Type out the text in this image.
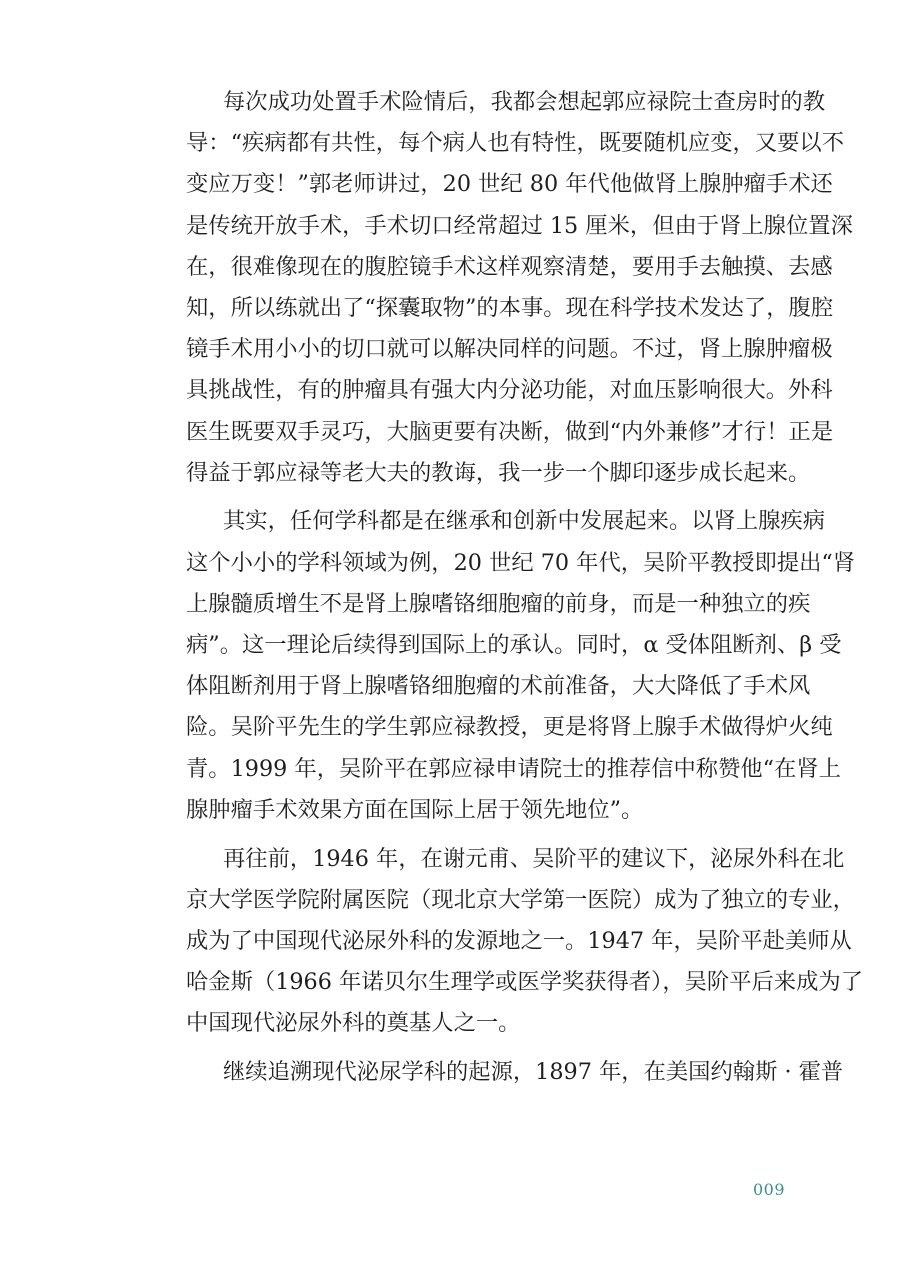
每次成功处置手术险情后，我都会想起郭应禄院士查房时的教
导：“疾病都有共性，每个病人也有特性，既要随机应变，又要以不
变应万变！”郭老师讲过，20 世纪 80 年代他做肾上腺肿瘤手术还
是传统开放手术，手术切口经常超过 15 厘米，但由于肾上腺位置深
在，很难像现在的腹腔镜手术这样观察清楚，要用手去触摸、去感
知，所以练就出了“探囊取物”的本事。现在科学技术发达了，腹腔
镜手术用小小的切口就可以解决同样的问题。不过，肾上腺肿瘤极
具挑战性，有的肿瘤具有强大内分泌功能，对血压影响很大。外科
医生既要双手灵巧，大脑更要有决断，做到“内外兼修”才行！正是
得益于郭应禄等老大夫的教诲，我一步一个脚印逐步成长起来。
其实，任何学科都是在继承和创新中发展起来。以肾上腺疾病
这个小小的学科领域为例，20 世纪 70 年代，吴阶平教授即提出“肾
上腺髓质增生不是肾上腺嗜铬细胞瘤的前身，而是一种独立的疾
病”。这一理论后续得到国际上的承认。同时，α 受体阻断剂、β 受
体阻断剂用于肾上腺嗜铬细胞瘤的术前准备，大大降低了手术风
险。吴阶平先生的学生郭应禄教授，更是将肾上腺手术做得炉火纯
青。1999 年，吴阶平在郭应禄申请院士的推荐信中称赞他“在肾上
腺肿瘤手术效果方面在国际上居于领先地位”。
再往前，1946 年，在谢元甫、吴阶平的建议下，泌尿外科在北
京大学医学院附属医院（现北京大学第一医院）成为了独立的专业，
成为了中国现代泌尿外科的发源地之一。1947 年，吴阶平赴美师从
哈金斯（1966 年诺贝尔生理学或医学奖获得者），吴阶平后来成为了
中国现代泌尿外科的奠基人之一。
继续追溯现代泌尿学科的起源，1897 年，在美国约翰斯 · 霍普
009
